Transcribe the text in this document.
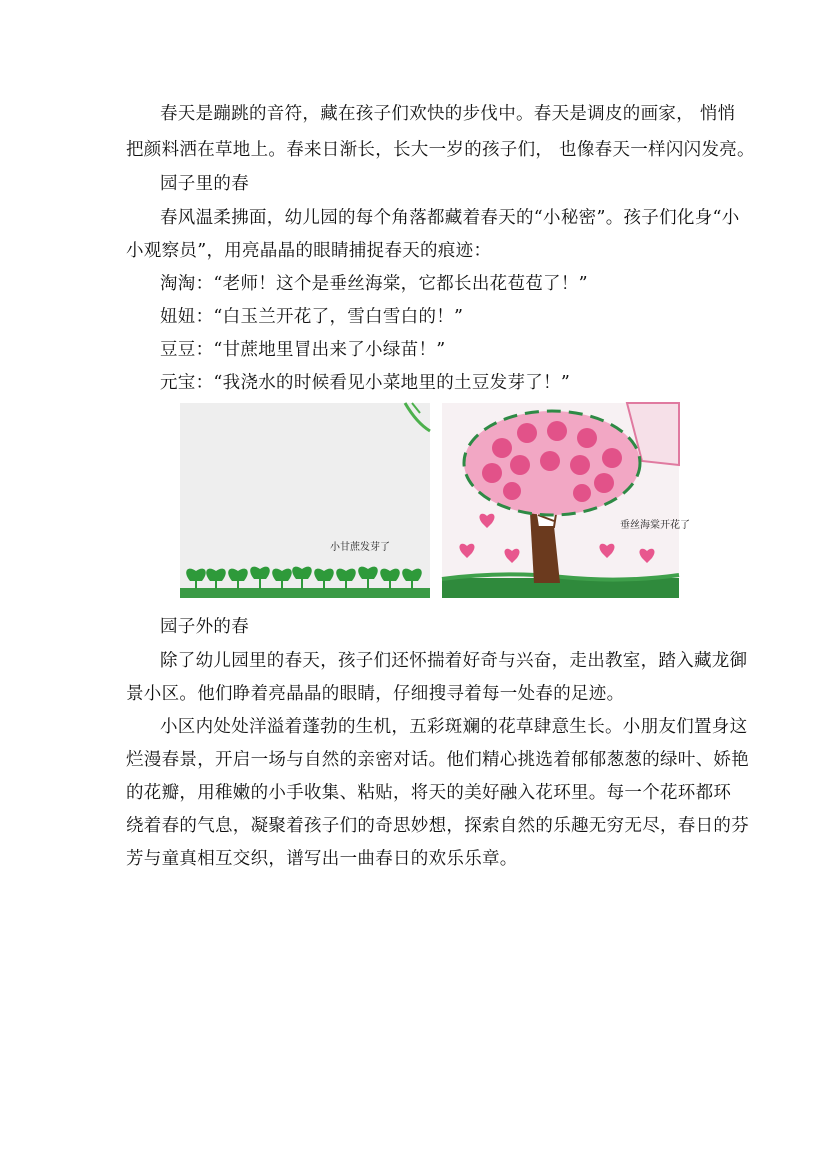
春天是蹦跳的音符，藏在孩子们欢快的步伐中。春天是调皮的画家， 悄悄
把颜料洒在草地上。春来日渐长，长大一岁的孩子们， 也像春天一样闪闪发亮。
园子里的春
春风温柔拂面，幼儿园的每个角落都藏着春天的“小秘密”。孩子们化身“小
小观察员”，用亮晶晶的眼睛捕捉春天的痕迹：
淘淘：“老师！这个是垂丝海棠，它都长出花苞苞了！”
妞妞：“白玉兰开花了，雪白雪白的！”
豆豆：“甘蔗地里冒出来了小绿苗！”
元宝：“我浇水的时候看见小菜地里的土豆发芽了！”
小甘蔗发芽了
垂丝海棠开花了
园子外的春
除了幼儿园里的春天，孩子们还怀揣着好奇与兴奋，走出教室，踏入藏龙御
景小区。他们睁着亮晶晶的眼睛，仔细搜寻着每一处春的足迹。
小区内处处洋溢着蓬勃的生机，五彩斑斓的花草肆意生长。小朋友们置身这
烂漫春景，开启一场与自然的亲密对话。他们精心挑选着郁郁葱葱的绿叶、娇艳
的花瓣，用稚嫩的小手收集、粘贴，将天的美好融入花环里。每一个花环都环
绕着春的气息，凝聚着孩子们的奇思妙想，探索自然的乐趣无穷无尽，春日的芬
芳与童真相互交织，谱写出一曲春日的欢乐乐章。
